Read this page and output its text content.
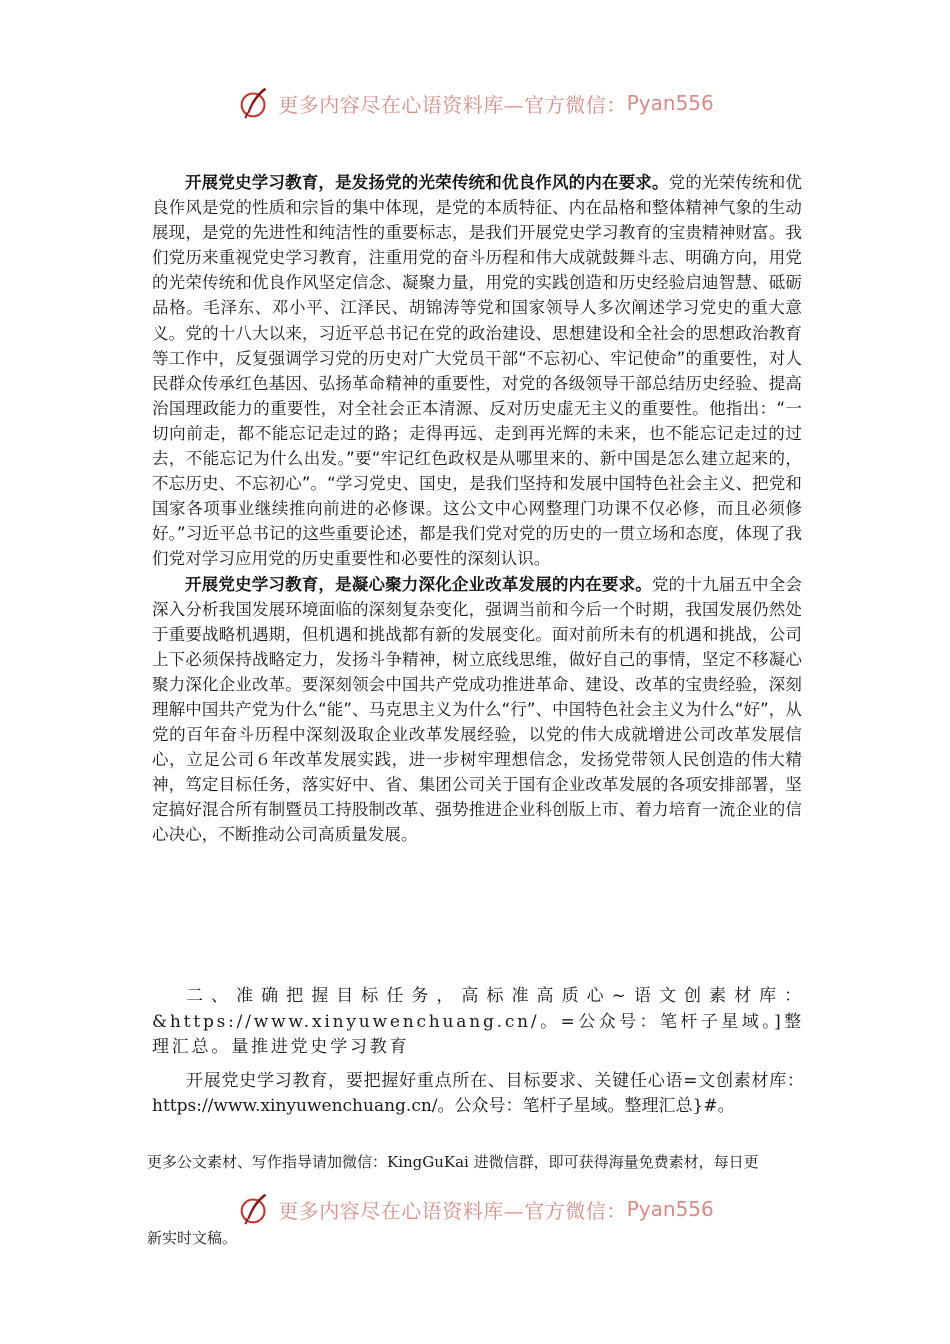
更多内容尽在心语资料库—官方微信： Pyan556

开展党史学习教育，是发扬党的光荣传统和优良作风的内在要求。党的光荣传统和优良作风是党的性质和宗旨的集中体现，是党的本质特征、内在品格和整体精神气象的生动展现，是党的先进性和纯洁性的重要标志，是我们开展党史学习教育的宝贵精神财富。我们党历来重视党史学习教育，注重用党的奋斗历程和伟大成就鼓舞斗志、明确方向，用党的光荣传统和优良作风坚定信念、凝聚力量，用党的实践创造和历史经验启迪智慧、砥砺品格。毛泽东、邓小平、江泽民、胡锦涛等党和国家领导人多次阐述学习党史的重大意义。党的十八大以来，习近平总书记在党的政治建设、思想建设和全社会的思想政治教育等工作中，反复强调学习党的历史对广大党员干部“不忘初心、牢记使命”的重要性，对人民群众传承红色基因、弘扬革命精神的重要性，对党的各级领导干部总结历史经验、提高治国理政能力的重要性，对全社会正本清源、反对历史虚无主义的重要性。他指出：“一切向前走，都不能忘记走过的路；走得再远、走到再光辉的未来，也不能忘记走过的过去，不能忘记为什么出发。”要“牢记红色政权是从哪里来的、新中国是怎么建立起来的，不忘历史、不忘初心”。“学习党史、国史，是我们坚持和发展中国特色社会主义、把党和国家各项事业继续推向前进的必修课。这公文中心网整理门功课不仅必修，而且必须修好。”习近平总书记的这些重要论述，都是我们党对党的历史的一贯立场和态度，体现了我们党对学习应用党的历史重要性和必要性的深刻认识。

开展党史学习教育，是凝心聚力深化企业改革发展的内在要求。党的十九届五中全会深入分析我国发展环境面临的深刻复杂变化，强调当前和今后一个时期，我国发展仍然处于重要战略机遇期，但机遇和挑战都有新的发展变化。面对前所未有的机遇和挑战，公司上下必须保持战略定力，发扬斗争精神，树立底线思维，做好自己的事情，坚定不移凝心聚力深化企业改革。要深刻领会中国共产党成功推进革命、建设、改革的宝贵经验，深刻理解中国共产党为什么“能”、马克思主义为什么“行”、中国特色社会主义为什么“好”，从党的百年奋斗历程中深刻汲取企业改革发展经验，以党的伟大成就增进公司改革发展信心，立足公司６年改革发展实践，进一步树牢理想信念，发扬党带领人民创造的伟大精神，笃定目标任务，落实好中、省、集团公司关于国有企业改革发展的各项安排部署，坚定搞好混合所有制暨员工持股制改革、强势推进企业科创版上市、着力培育一流企业的信心决心，不断推动公司高质量发展。

二、准确把握目标任务，高标准高质心~语文创素材库：&https://www.xinyuwenchuang.cn/。=公众号：笔杆子星域。]整理汇总。量推进党史学习教育

开展党史学习教育，要把握好重点所在、目标要求、关键任心语=文创素材库：https://www.xinyuwenchuang.cn/。公众号：笔杆子星域。整理汇总}#。

更多公文素材、写作指导请加微信：KingGuKai 进微信群，即可获得海量免费素材，每日更
更多内容尽在心语资料库—官方微信： Pyan556
新实时文稿。
